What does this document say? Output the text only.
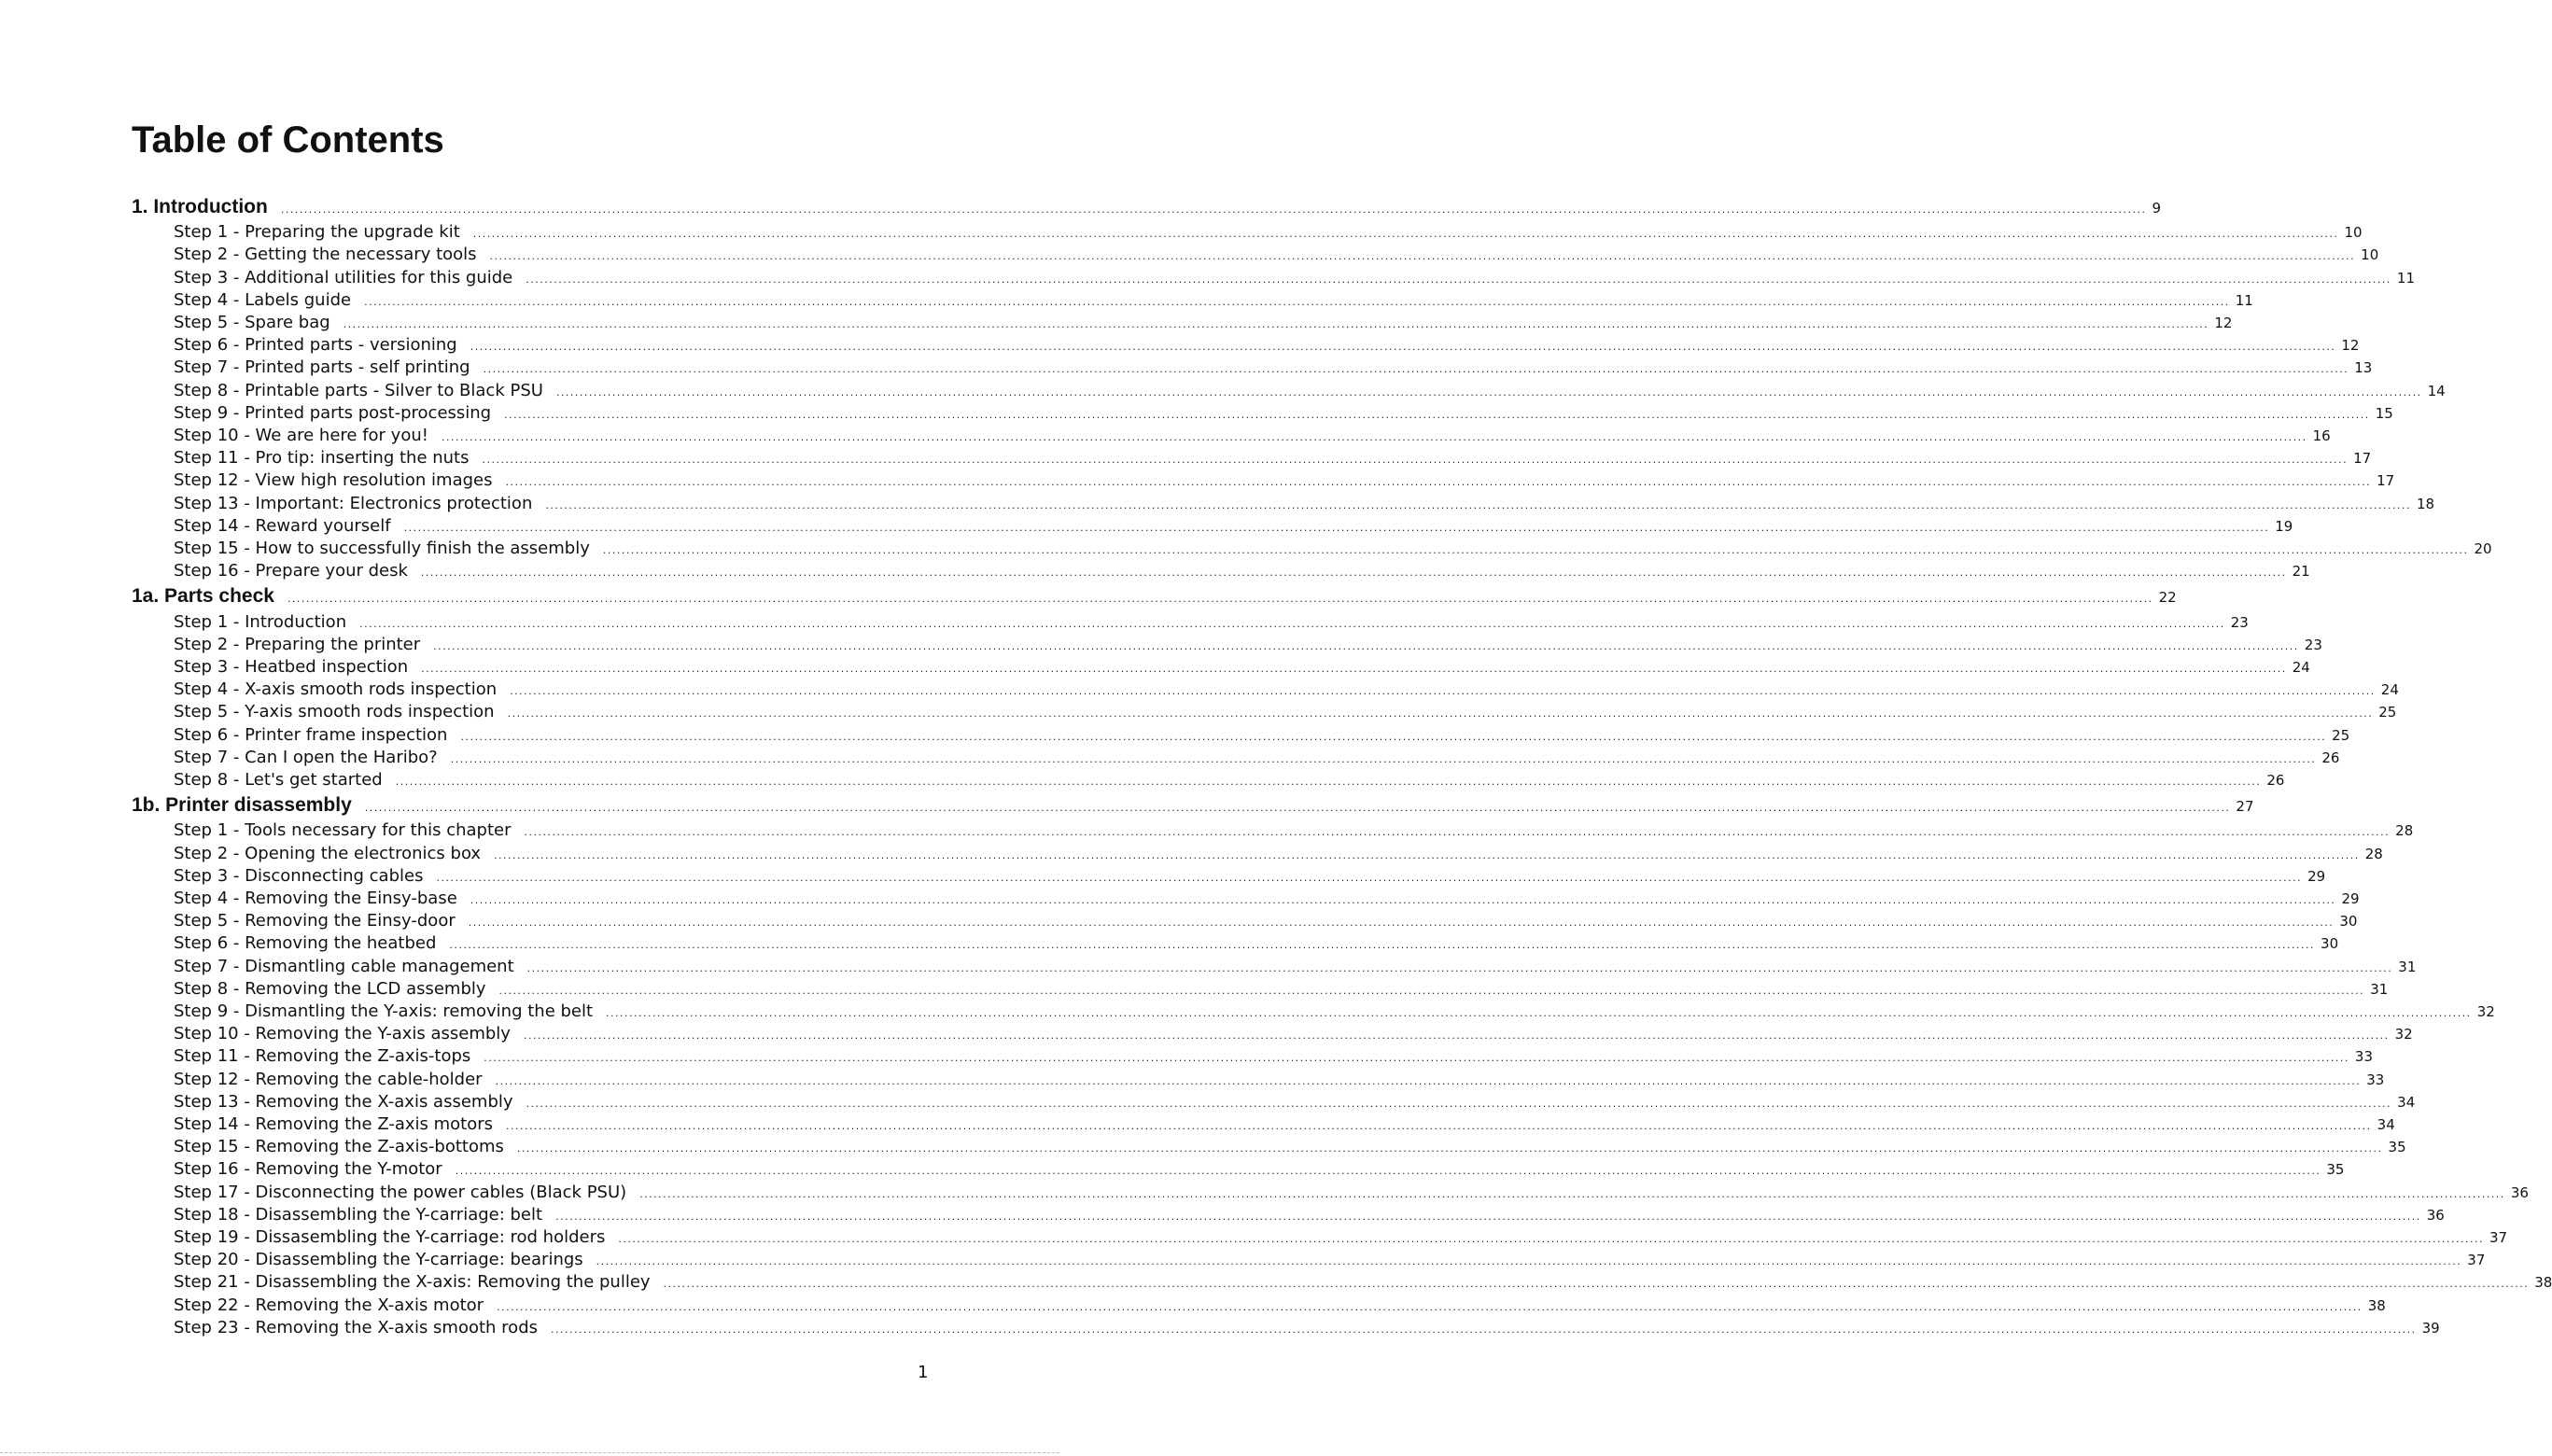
Table of Contents
1. Introduction ................................................................................................................................................................................................................................................................................................................................................................................................................ 9
Step 1 - Preparing the upgrade kit ................................................................................................................................................................................................................................................................................................................................................................................................................ 10
Step 2 - Getting the necessary tools ................................................................................................................................................................................................................................................................................................................................................................................................................ 10
Step 3 - Additional utilities for this guide ................................................................................................................................................................................................................................................................................................................................................................................................................ 11
Step 4 - Labels guide ................................................................................................................................................................................................................................................................................................................................................................................................................ 11
Step 5 - Spare bag ................................................................................................................................................................................................................................................................................................................................................................................................................ 12
Step 6 - Printed parts - versioning ................................................................................................................................................................................................................................................................................................................................................................................................................ 12
Step 7 - Printed parts - self printing ................................................................................................................................................................................................................................................................................................................................................................................................................ 13
Step 8 - Printable parts - Silver to Black PSU ................................................................................................................................................................................................................................................................................................................................................................................................................ 14
Step 9 - Printed parts post-processing ................................................................................................................................................................................................................................................................................................................................................................................................................ 15
Step 10 - We are here for you! ................................................................................................................................................................................................................................................................................................................................................................................................................ 16
Step 11 - Pro tip: inserting the nuts ................................................................................................................................................................................................................................................................................................................................................................................................................ 17
Step 12 - View high resolution images ................................................................................................................................................................................................................................................................................................................................................................................................................ 17
Step 13 - Important: Electronics protection ................................................................................................................................................................................................................................................................................................................................................................................................................ 18
Step 14 - Reward yourself ................................................................................................................................................................................................................................................................................................................................................................................................................ 19
Step 15 - How to successfully finish the assembly ................................................................................................................................................................................................................................................................................................................................................................................................................ 20
Step 16 - Prepare your desk ................................................................................................................................................................................................................................................................................................................................................................................................................ 21
1a. Parts check ................................................................................................................................................................................................................................................................................................................................................................................................................ 22
Step 1 - Introduction ................................................................................................................................................................................................................................................................................................................................................................................................................ 23
Step 2 - Preparing the printer ................................................................................................................................................................................................................................................................................................................................................................................................................ 23
Step 3 - Heatbed inspection ................................................................................................................................................................................................................................................................................................................................................................................................................ 24
Step 4 - X-axis smooth rods inspection ................................................................................................................................................................................................................................................................................................................................................................................................................ 24
Step 5 - Y-axis smooth rods inspection ................................................................................................................................................................................................................................................................................................................................................................................................................ 25
Step 6 - Printer frame inspection ................................................................................................................................................................................................................................................................................................................................................................................................................ 25
Step 7 - Can I open the Haribo? ................................................................................................................................................................................................................................................................................................................................................................................................................ 26
Step 8 - Let's get started ................................................................................................................................................................................................................................................................................................................................................................................................................ 26
1b. Printer disassembly ................................................................................................................................................................................................................................................................................................................................................................................................................ 27
Step 1 - Tools necessary for this chapter ................................................................................................................................................................................................................................................................................................................................................................................................................ 28
Step 2 - Opening the electronics box ................................................................................................................................................................................................................................................................................................................................................................................................................ 28
Step 3 - Disconnecting cables ................................................................................................................................................................................................................................................................................................................................................................................................................ 29
Step 4 - Removing the Einsy-base ................................................................................................................................................................................................................................................................................................................................................................................................................ 29
Step 5 - Removing the Einsy-door ................................................................................................................................................................................................................................................................................................................................................................................................................ 30
Step 6 - Removing the heatbed ................................................................................................................................................................................................................................................................................................................................................................................................................ 30
Step 7 - Dismantling cable management ................................................................................................................................................................................................................................................................................................................................................................................................................ 31
Step 8 - Removing the LCD assembly ................................................................................................................................................................................................................................................................................................................................................................................................................ 31
Step 9 - Dismantling the Y-axis: removing the belt ................................................................................................................................................................................................................................................................................................................................................................................................................ 32
Step 10 - Removing the Y-axis assembly ................................................................................................................................................................................................................................................................................................................................................................................................................ 32
Step 11 - Removing the Z-axis-tops ................................................................................................................................................................................................................................................................................................................................................................................................................ 33
Step 12 - Removing the cable-holder ................................................................................................................................................................................................................................................................................................................................................................................................................ 33
Step 13 - Removing the X-axis assembly ................................................................................................................................................................................................................................................................................................................................................................................................................ 34
Step 14 - Removing the Z-axis motors ................................................................................................................................................................................................................................................................................................................................................................................................................ 34
Step 15 - Removing the Z-axis-bottoms ................................................................................................................................................................................................................................................................................................................................................................................................................ 35
Step 16 - Removing the Y-motor ................................................................................................................................................................................................................................................................................................................................................................................................................ 35
Step 17 - Disconnecting the power cables (Black PSU) ................................................................................................................................................................................................................................................................................................................................................................................................................ 36
Step 18 - Disassembling the Y-carriage: belt ................................................................................................................................................................................................................................................................................................................................................................................................................ 36
Step 19 - Dissasembling the Y-carriage: rod holders ................................................................................................................................................................................................................................................................................................................................................................................................................ 37
Step 20 - Disassembling the Y-carriage: bearings ................................................................................................................................................................................................................................................................................................................................................................................................................ 37
Step 21 - Disassembling the X-axis: Removing the pulley ................................................................................................................................................................................................................................................................................................................................................................................................................ 38
Step 22 - Removing the X-axis motor ................................................................................................................................................................................................................................................................................................................................................................................................................ 38
Step 23 - Removing the X-axis smooth rods ................................................................................................................................................................................................................................................................................................................................................................................................................ 39
1
